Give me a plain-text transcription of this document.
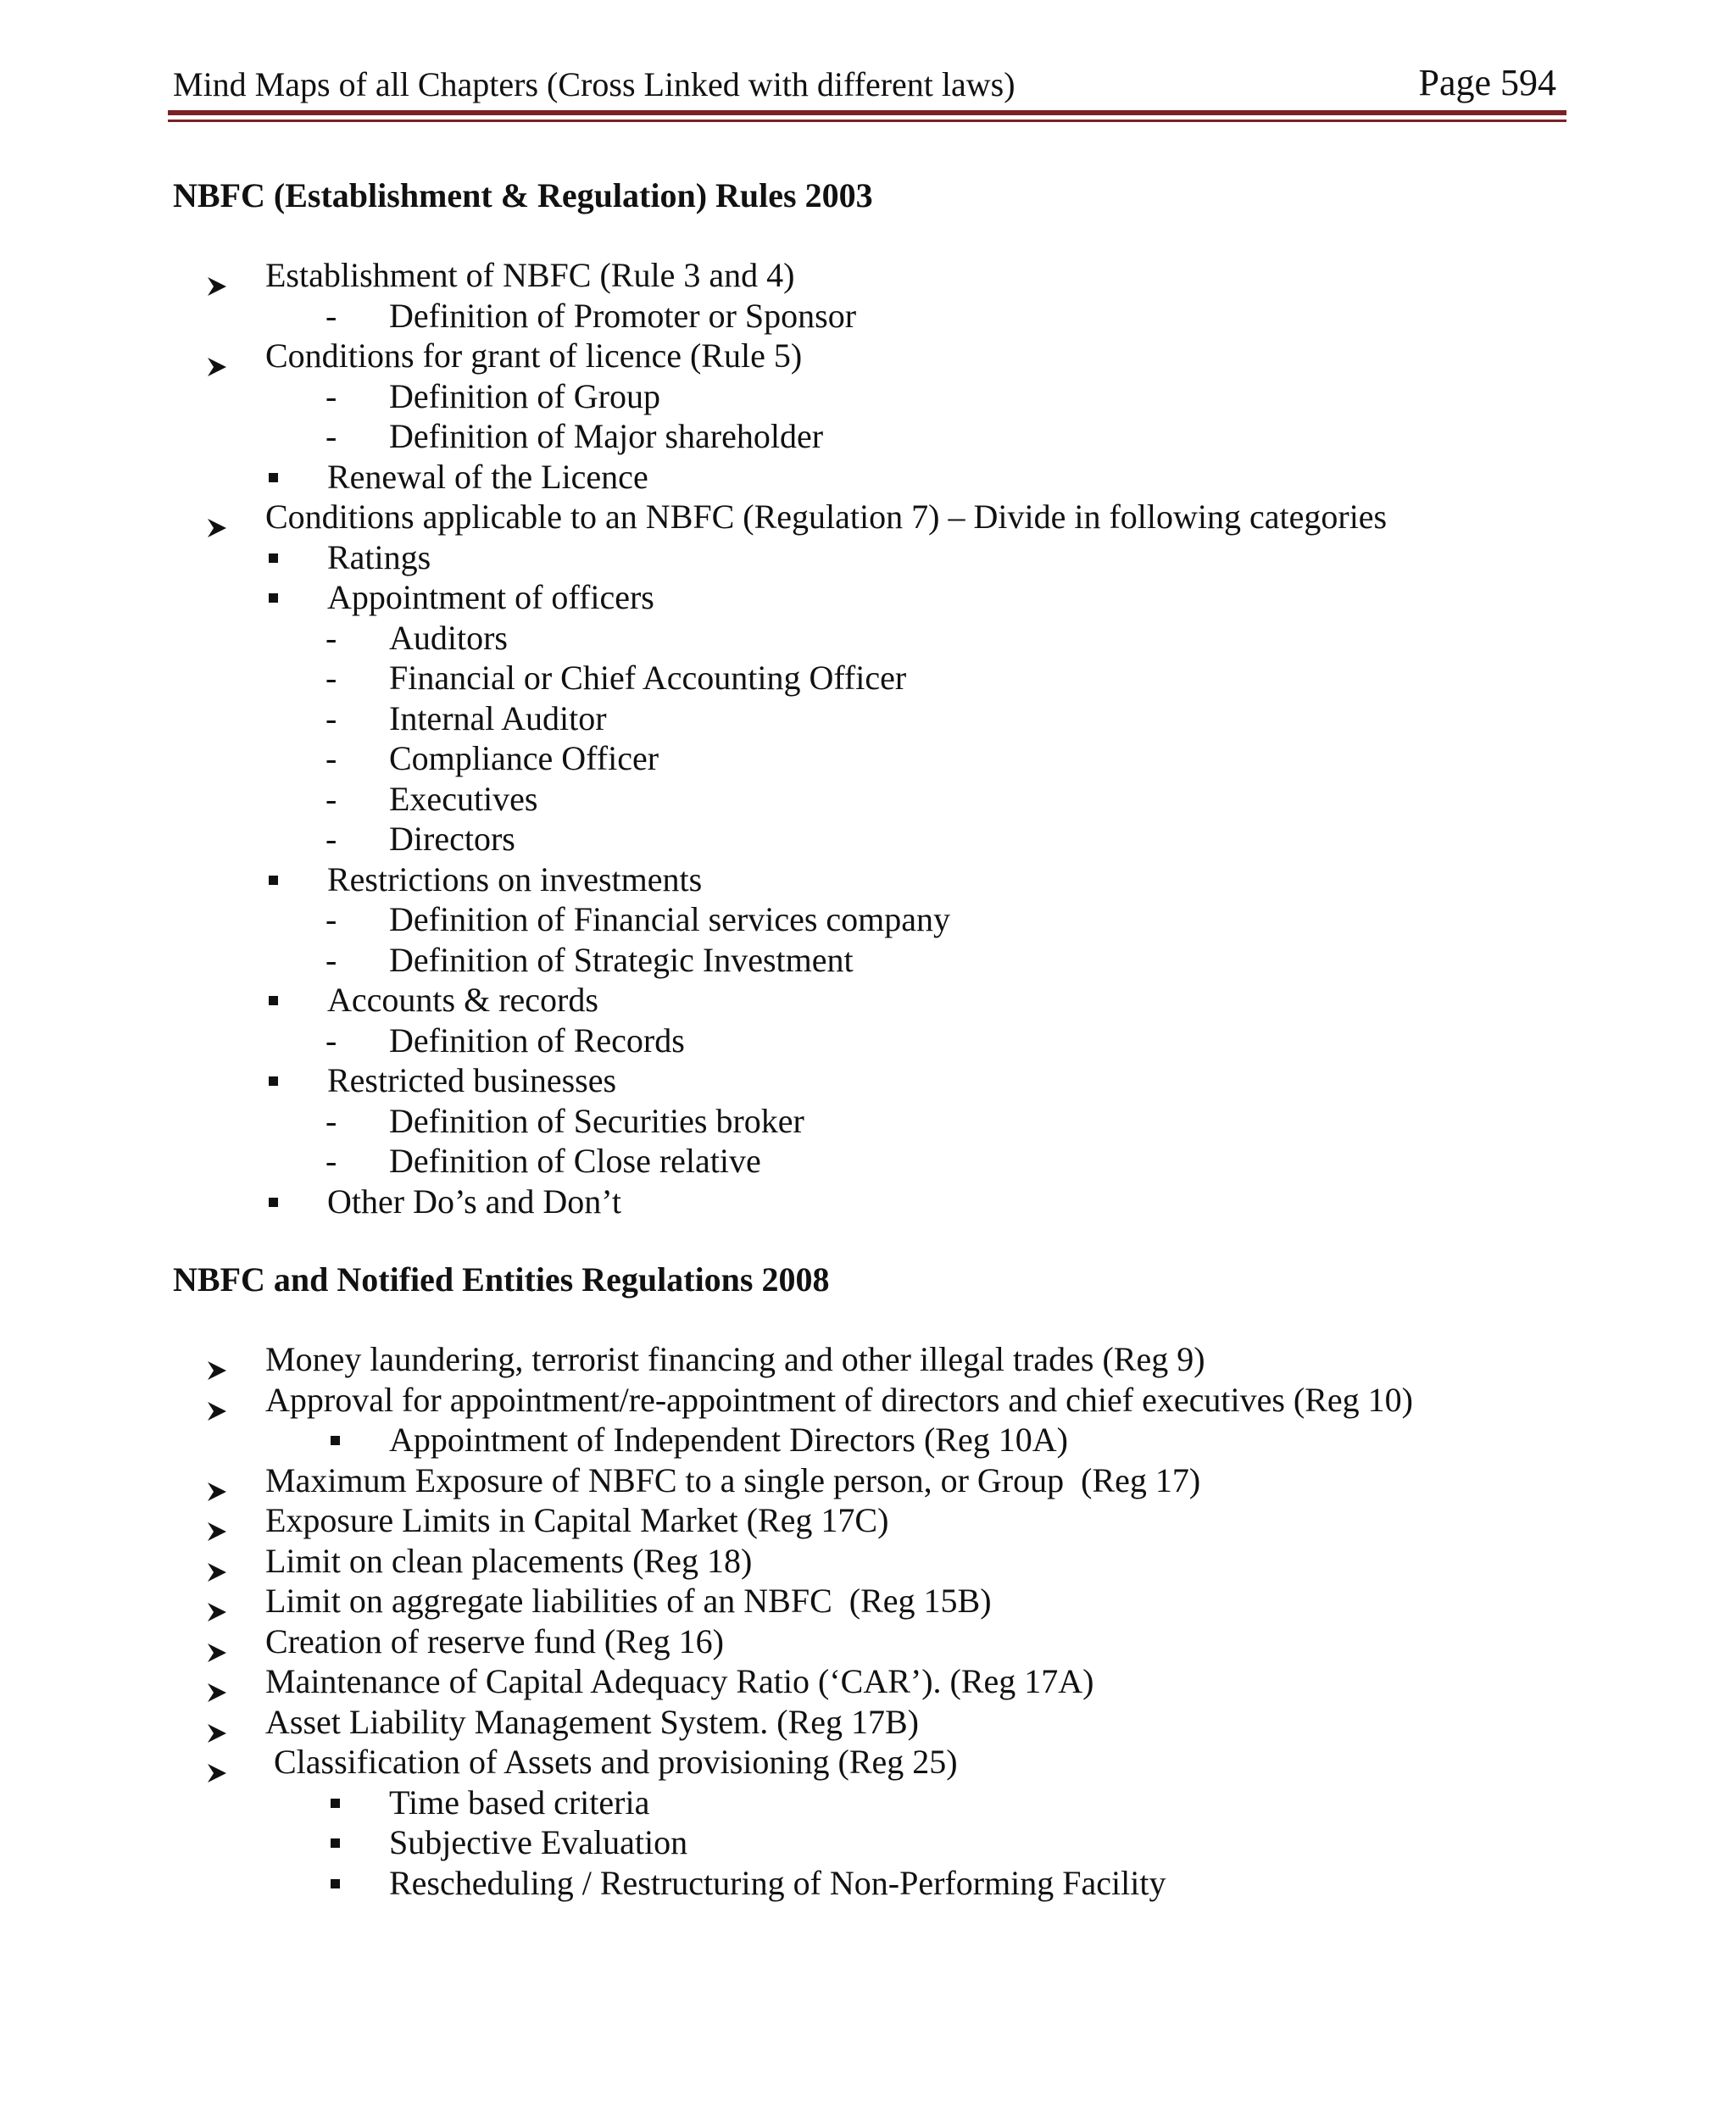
Mind Maps of all Chapters (Cross Linked with different laws)	Page 594
NBFC (Establishment & Regulation) Rules 2003
Establishment of NBFC (Rule 3 and 4)
- Definition of Promoter or Sponsor
Conditions for grant of licence (Rule 5)
- Definition of Group
- Definition of Major shareholder
Renewal of the Licence
Conditions applicable to an NBFC (Regulation 7) – Divide in following categories
Ratings
Appointment of officers
- Auditors
- Financial or Chief Accounting Officer
- Internal Auditor
- Compliance Officer
- Executives
- Directors
Restrictions on investments
- Definition of Financial services company
- Definition of Strategic Investment
Accounts & records
- Definition of Records
Restricted businesses
- Definition of Securities broker
- Definition of Close relative
Other Do’s and Don’t
NBFC and Notified Entities Regulations 2008
Money laundering, terrorist financing and other illegal trades (Reg 9)
Approval for appointment/re-appointment of directors and chief executives (Reg 10)
Appointment of Independent Directors (Reg 10A)
Maximum Exposure of NBFC to a single person, or Group  (Reg 17)
Exposure Limits in Capital Market (Reg 17C)
Limit on clean placements (Reg 18)
Limit on aggregate liabilities of an NBFC  (Reg 15B)
Creation of reserve fund (Reg 16)
Maintenance of Capital Adequacy Ratio (‘CAR’). (Reg 17A)
Asset Liability Management System. (Reg 17B)
Classification of Assets and provisioning (Reg 25)
Time based criteria
Subjective Evaluation
Rescheduling / Restructuring of Non-Performing Facility
